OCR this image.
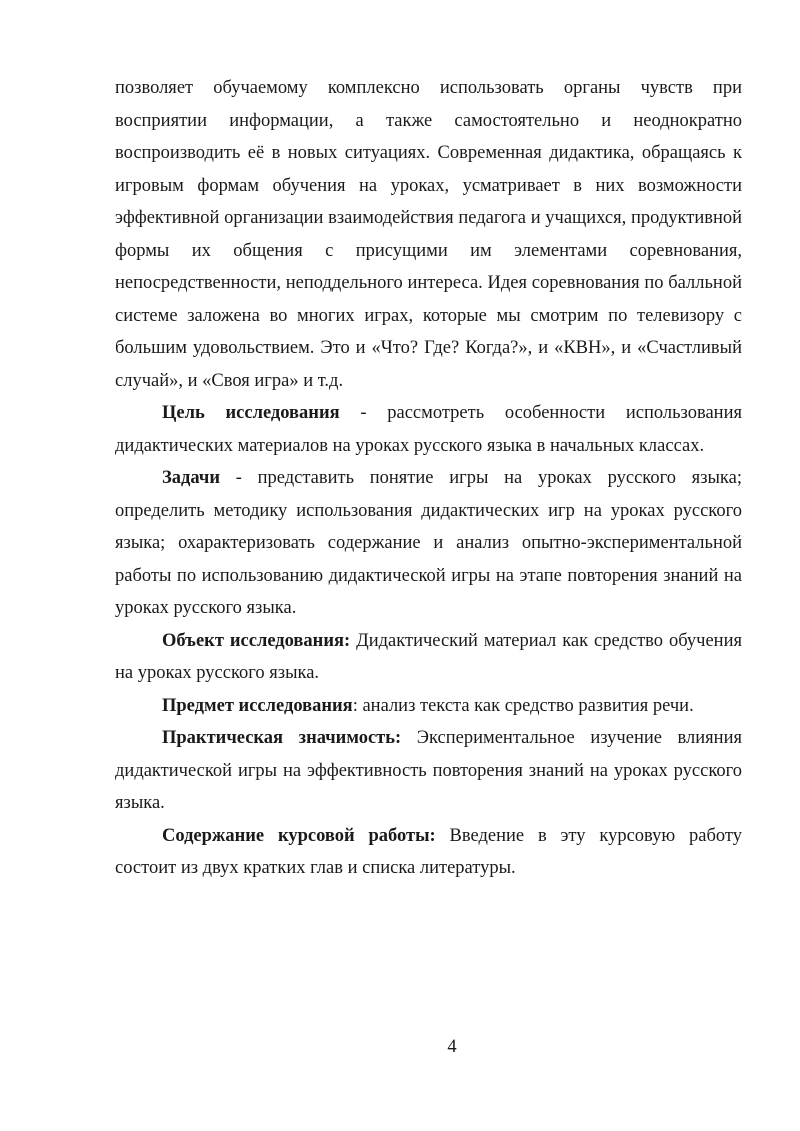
позволяет обучаемому комплексно использовать органы чувств при восприятии информации, а также самостоятельно и неоднократно воспроизводить её в новых ситуациях. Современная дидактика, обращаясь к игровым формам обучения на уроках, усматривает в них возможности эффективной организации взаимодействия педагога и учащихся, продуктивной формы их общения с присущими им элементами соревнования, непосредственности, неподдельного интереса. Идея соревнования по балльной системе заложена во многих играх, которые мы смотрим по телевизору с большим удовольствием. Это и «Что? Где? Когда?», и «КВН», и «Счастливый случай», и «Своя игра» и т.д.

Цель исследования - рассмотреть особенности использования дидактических материалов на уроках русского языка в начальных классах.

Задачи - представить понятие игры на уроках русского языка; определить методику использования дидактических игр на уроках русского языка; охарактеризовать содержание и анализ опытно-экспериментальной работы по использованию дидактической игры на этапе повторения знаний на уроках русского языка.

Объект исследования: Дидактический материал как средство обучения на уроках русского языка.

Предмет исследования: анализ текста как средство развития речи.

Практическая значимость: Экспериментальное изучение влияния дидактической игры на эффективность повторения знаний на уроках русского языка.

Содержание курсовой работы: Введение в эту курсовую работу состоит из двух кратких глав и списка литературы.

4
